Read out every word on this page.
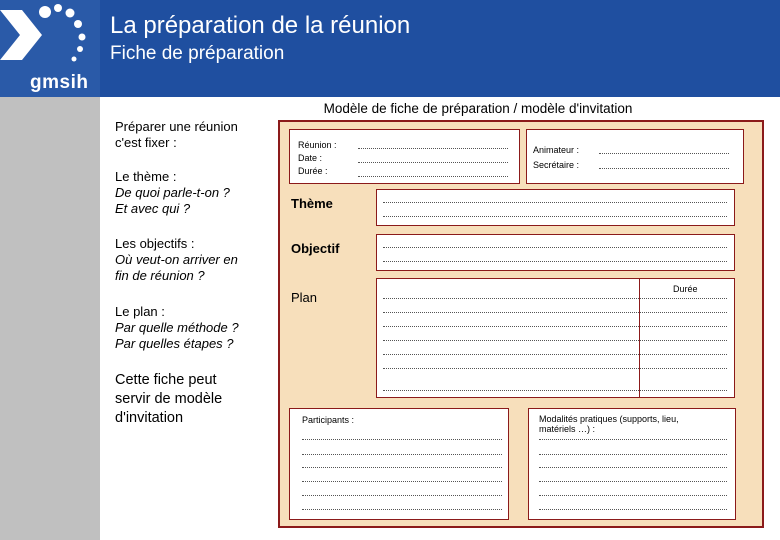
gmsih
La préparation de la réunion
Fiche de préparation
Préparer une réunion
c'est fixer :
Le thème :
De quoi parle-t-on ?
Et avec qui ?
Les objectifs :
Où veut-on arriver en
fin de réunion ?
Le plan :
Par quelle méthode ?
Par quelles étapes ?
Cette fiche peut
servir de modèle
d'invitation
Modèle de fiche de préparation / modèle d'invitation
Réunion :
Date :
Durée :
Animateur :
Secrétaire :
Thème
Objectif
Plan
Durée
Participants :	Modalités pratiques (supports, lieu,
matériels …) :
